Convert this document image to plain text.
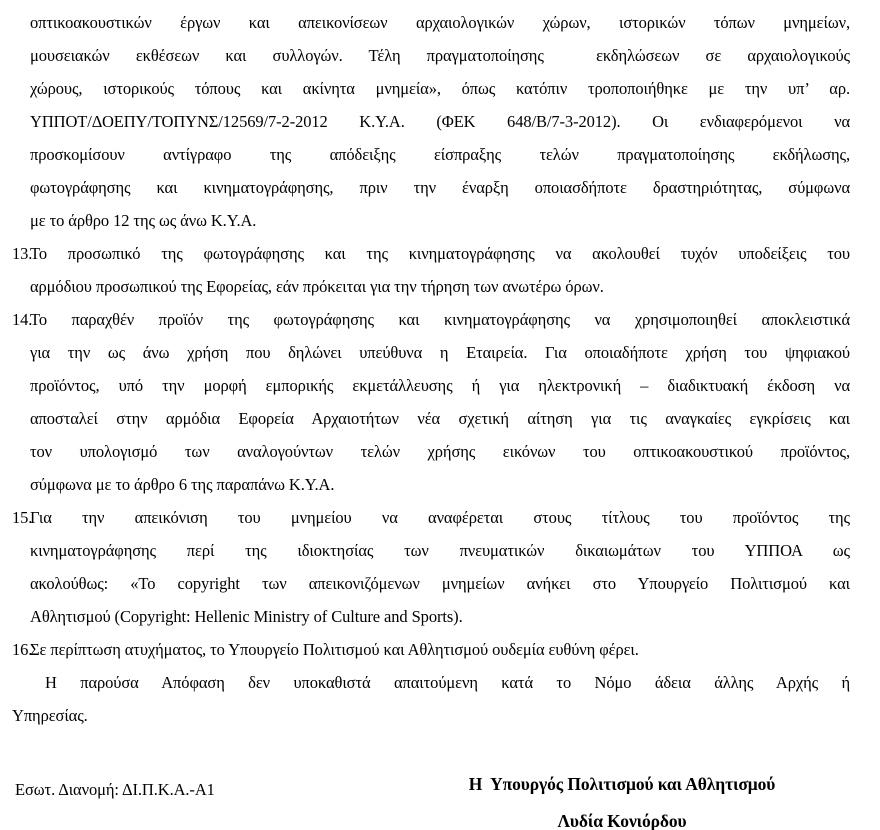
οπτικοακουστικών έργων και απεικονίσεων αρχαιολογικών χώρων, ιστορικών τόπων μνημείων,
μουσειακών εκθέσεων και συλλογών. Τέλη πραγματοποίησης  εκδηλώσεων σε αρχαιολογικούς
χώρους, ιστορικούς τόπους και ακίνητα μνημεία», όπως κατόπιν τροποποιήθηκε με την υπ’ αρ.
ΥΠΠΟΤ/ΔΟΕΠΥ/ΤΟΠΥΝΣ/12569/7-2-2012 Κ.Υ.Α. (ΦΕΚ 648/Β/7-3-2012). Οι ενδιαφερόμενοι να
προσκομίσουν αντίγραφο της απόδειξης είσπραξης τελών πραγματοποίησης εκδήλωσης,
φωτογράφησης και κινηματογράφησης, πριν την έναρξη οποιασδήποτε δραστηριότητας, σύμφωνα
με το άρθρο 12 της ως άνω Κ.Υ.Α.
13.
Το προσωπικό της φωτογράφησης και της κινηματογράφησης να ακολουθεί τυχόν υποδείξεις του
αρμόδιου προσωπικού της Εφορείας, εάν πρόκειται για την τήρηση των ανωτέρω όρων.
14.
Το παραχθέν προϊόν της φωτογράφησης και κινηματογράφησης να χρησιμοποιηθεί αποκλειστικά
για την ως άνω χρήση που δηλώνει υπεύθυνα η Εταιρεία. Για οποιαδήποτε χρήση του ψηφιακού
προϊόντος, υπό την μορφή εμπορικής εκμετάλλευσης ή για ηλεκτρονική – διαδικτυακή έκδοση να
αποσταλεί στην αρμόδια Εφορεία Αρχαιοτήτων νέα σχετική αίτηση για τις αναγκαίες εγκρίσεις και
τον υπολογισμό των αναλογούντων τελών χρήσης εικόνων του οπτικοακουστικού προϊόντος,
σύμφωνα με το άρθρο 6 της παραπάνω Κ.Υ.Α.
15.
Για την απεικόνιση του μνημείου να αναφέρεται στους τίτλους του προϊόντος της
κινηματογράφησης περί της ιδιοκτησίας των πνευματικών δικαιωμάτων του ΥΠΠΟΑ ως
ακολούθως: «Το copyright των απεικονιζόμενων μνημείων ανήκει στο Υπουργείο Πολιτισμού και
Αθλητισμού (Copyright: Hellenic Ministry of Culture and Sports).
16.
Σε περίπτωση ατυχήματος, το Υπουργείο Πολιτισμού και Αθλητισμού ουδεμία ευθύνη φέρει.
Η παρούσα Απόφαση δεν υποκαθιστά απαιτούμενη κατά το Νόμο άδεια άλλης Αρχής ή
Υπηρεσίας.
Εσωτ. Διανομή: ΔΙ.Π.Κ.Α.-Α1	Η  Υπουργός Πολιτισμού και Αθλητισμού
Λυδία Κονιόρδου
